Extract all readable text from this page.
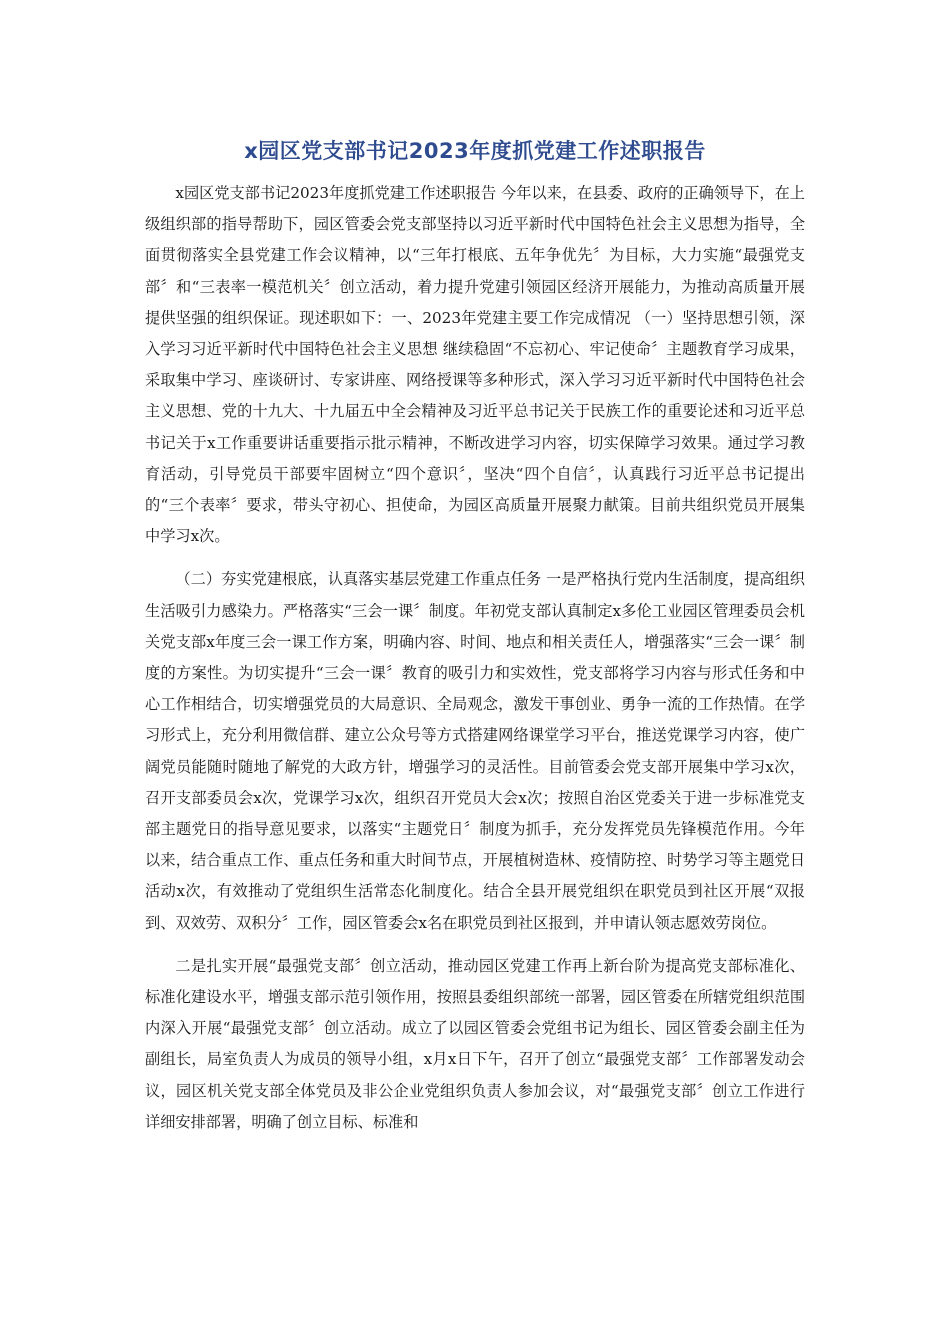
x园区党支部书记2023年度抓党建工作述职报告

x园区党支部书记2023年度抓党建工作述职报告 今年以来，在县委、政府的正确领导下，在上级组织部的指导帮助下，园区管委会党支部坚持以习近平新时代中国特色社会主义思想为指导，全面贯彻落实全县党建工作会议精神，以“三年打根底、五年争优先〞为目标，大力实施“最强党支部〞和“三表率一模范机关〞创立活动，着力提升党建引领园区经济开展能力，为推动高质量开展提供坚强的组织保证。现述职如下：一、2023年党建主要工作完成情况 （一）坚持思想引领，深入学习习近平新时代中国特色社会主义思想 继续稳固“不忘初心、牢记使命〞主题教育学习成果，采取集中学习、座谈研讨、专家讲座、网络授课等多种形式，深入学习习近平新时代中国特色社会主义思想、党的十九大、十九届五中全会精神及习近平总书记关于民族工作的重要论述和习近平总书记关于x工作重要讲话重要指示批示精神，不断改进学习内容，切实保障学习效果。通过学习教育活动，引导党员干部要牢固树立“四个意识〞，坚决“四个自信〞，认真践行习近平总书记提出的“三个表率〞要求，带头守初心、担使命，为园区高质量开展聚力献策。目前共组织党员开展集中学习x次。

（二）夯实党建根底，认真落实基层党建工作重点任务 一是严格执行党内生活制度，提高组织生活吸引力感染力。严格落实“三会一课〞制度。年初党支部认真制定x多伦工业园区管理委员会机关党支部x年度三会一课工作方案，明确内容、时间、地点和相关责任人，增强落实“三会一课〞制度的方案性。为切实提升“三会一课〞教育的吸引力和实效性，党支部将学习内容与形式任务和中心工作相结合，切实增强党员的大局意识、全局观念，激发干事创业、勇争一流的工作热情。在学习形式上，充分利用微信群、建立公众号等方式搭建网络课堂学习平台，推送党课学习内容，使广阔党员能随时随地了解党的大政方针，增强学习的灵活性。目前管委会党支部开展集中学习x次，召开支部委员会x次，党课学习x次，组织召开党员大会x次；按照自治区党委关于进一步标准党支部主题党日的指导意见要求，以落实“主题党日〞制度为抓手，充分发挥党员先锋模范作用。今年以来，结合重点工作、重点任务和重大时间节点，开展植树造林、疫情防控、时势学习等主题党日活动x次，有效推动了党组织生活常态化制度化。结合全县开展党组织在职党员到社区开展“双报到、双效劳、双积分〞工作，园区管委会x名在职党员到社区报到，并申请认领志愿效劳岗位。

二是扎实开展“最强党支部〞创立活动，推动园区党建工作再上新台阶为提高党支部标准化、标准化建设水平，增强支部示范引领作用，按照县委组织部统一部署，园区管委在所辖党组织范围内深入开展“最强党支部〞创立活动。成立了以园区管委会党组书记为组长、园区管委会副主任为副组长，局室负责人为成员的领导小组，x月x日下午，召开了创立“最强党支部〞工作部署发动会议，园区机关党支部全体党员及非公企业党组织负责人参加会议，对“最强党支部〞创立工作进行详细安排部署，明确了创立目标、标准和
